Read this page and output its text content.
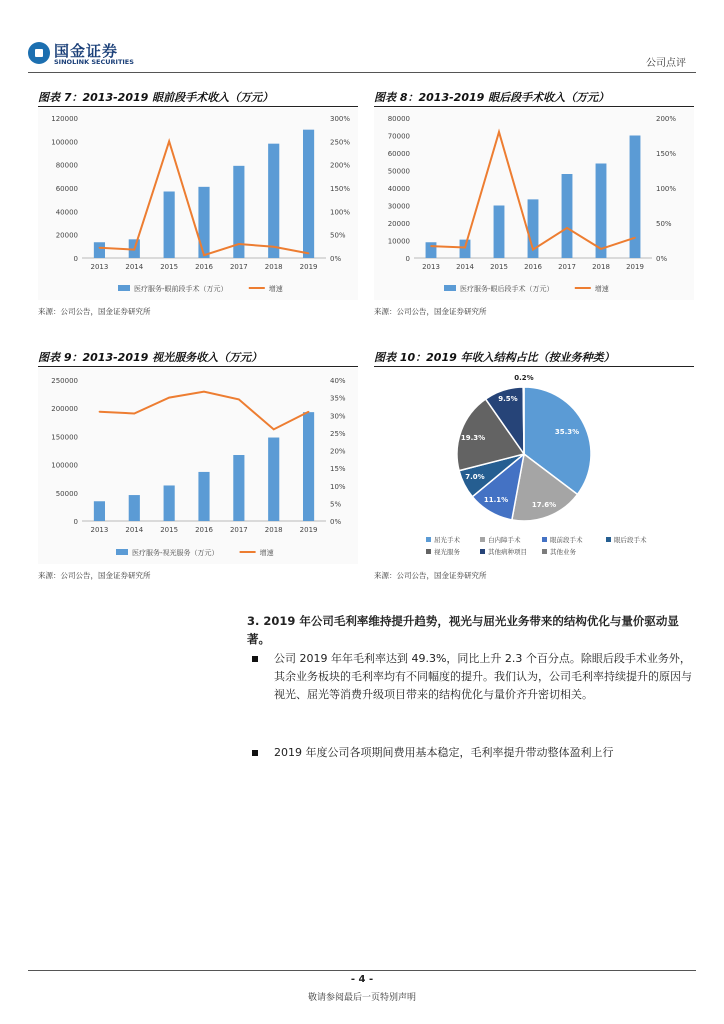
国金证券
SINOLINK SECURITIES	公司点评
图表 7：2013-2019 眼前段手术收入（万元）
0
20000
40000
60000
80000
100000
120000
0%
50%
100%
150%
200%
250%
300%
2013 2014 2015 2016 2017 2018 2019
医疗服务-眼前段手术（万元）	增速
来源：公司公告，国金证券研究所
图表 8：2013-2019 眼后段手术收入（万元）
0
10000
20000
30000
40000
50000
60000
70000
80000
0%
50%
100%
150%
200%
2013 2014 2015 2016 2017 2018 2019
医疗服务-眼后段手术（万元）	增速
来源：公司公告，国金证券研究所
图表 9：2013-2019 视光服务收入（万元）
0
50000
100000
150000
200000
250000
0%
5%
10%
15%
20%
25%
30%
35%
40%
2013 2014 2015 2016 2017 2018 2019
医疗服务-视光服务（万元）	增速
来源：公司公告，国金证券研究所
图表 10：2019 年收入结构占比（按业务种类）
35.3%
17.6%
11.1%
7.0%
19.3%
9.5%
0.2%
屈光手术	白内障手术	眼前段手术	眼后段手术
视光服务	其他病种项目	其他业务
来源：公司公告，国金证券研究所
3. 2019 年公司毛利率维持提升趋势，视光与屈光业务带来的结构优化与量价驱动显著。
公司 2019 年年毛利率达到 49.3%，同比上升 2.3 个百分点。除眼后段手术业务外，其余业务板块的毛利率均有不同幅度的提升。我们认为，公司毛利率持续提升的原因与视光、屈光等消费升级项目带来的结构优化与量价齐升密切相关。
2019 年度公司各项期间费用基本稳定，毛利率提升带动整体盈利上行
- 4 -
敬请参阅最后一页特别声明
